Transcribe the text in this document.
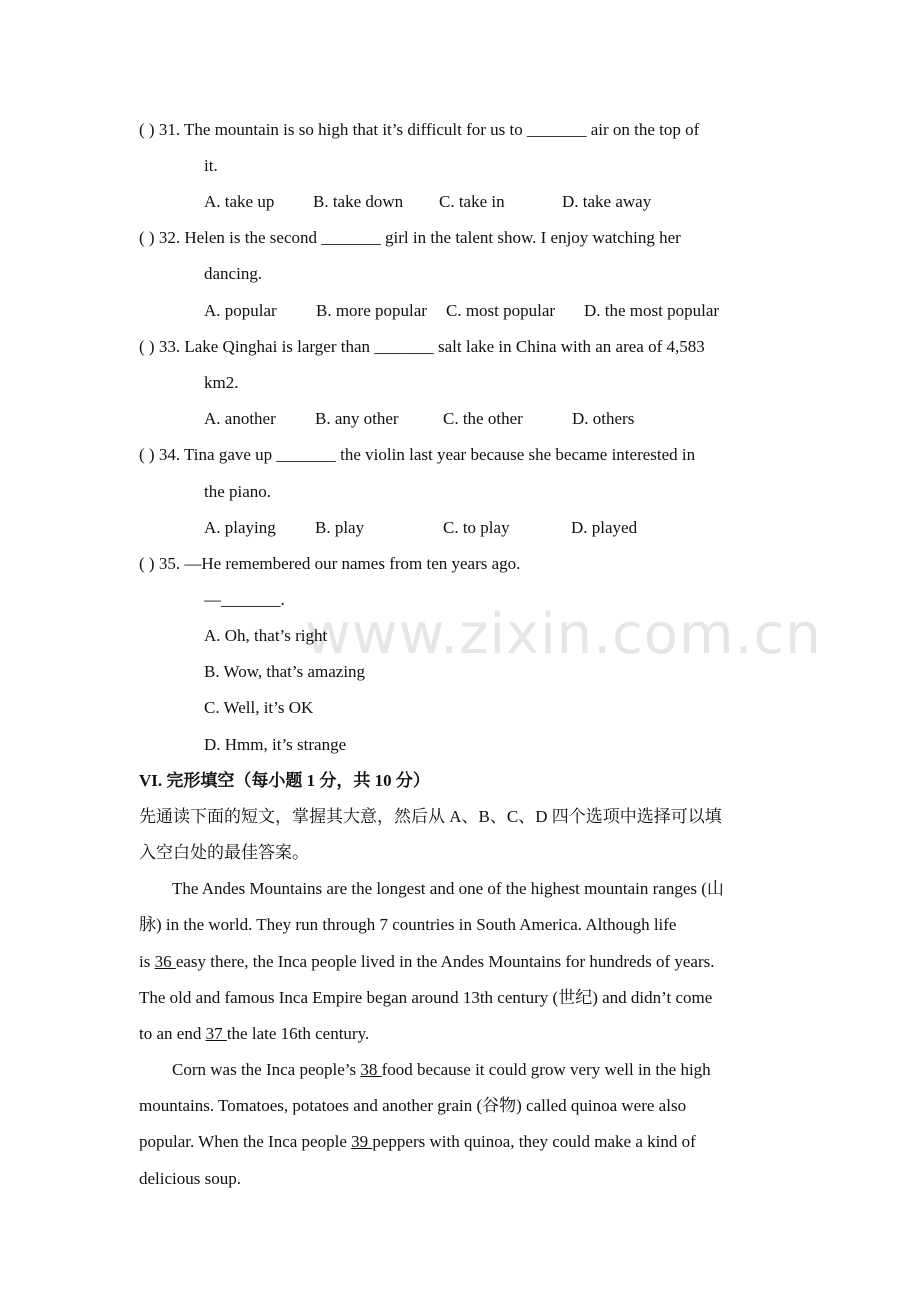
www.zixin.com.cn
( ) 31. The mountain is so high that it’s difficult for us to _______ air on the top of
it.
A. take up B. take down C. take in	D. take away
( ) 32. Helen is the second _______ girl in the talent show. I enjoy watching her
dancing.
A. popular B. more popular C. most popular D. the most popular
( ) 33. Lake Qinghai is larger than _______ salt lake in China with an area of 4,583
km2.
A. another B. any other	C. the other	D. others
( ) 34. Tina gave up _______ the violin last year because she became interested in
the piano.
A. playing B. play	C. to play	D. played
( ) 35. —He remembered our names from ten years ago.
—_______.
A. Oh, that’s right
B. Wow, that’s amazing
C. Well, it’s OK
D. Hmm, it’s strange
VI. 完形填空（每小题 1 分，共 10 分）
先通读下面的短文，掌握其大意，然后从 A、B、C、D 四个选项中选择可以填
入空白处的最佳答案。
The Andes Mountains are the longest and one of the highest mountain ranges (山
脉) in the world. They run through 7 countries in South America. Although life
is 36 easy there, the Inca people lived in the Andes Mountains for hundreds of years.
The old and famous Inca Empire began around 13th century (世纪) and didn’t come
to an end 37 the late 16th century.
Corn was the Inca people’s 38 food because it could grow very well in the high
mountains. Tomatoes, potatoes and another grain (谷物) called quinoa were also
popular. When the Inca people 39 peppers with quinoa, they could make a kind of
delicious soup.
